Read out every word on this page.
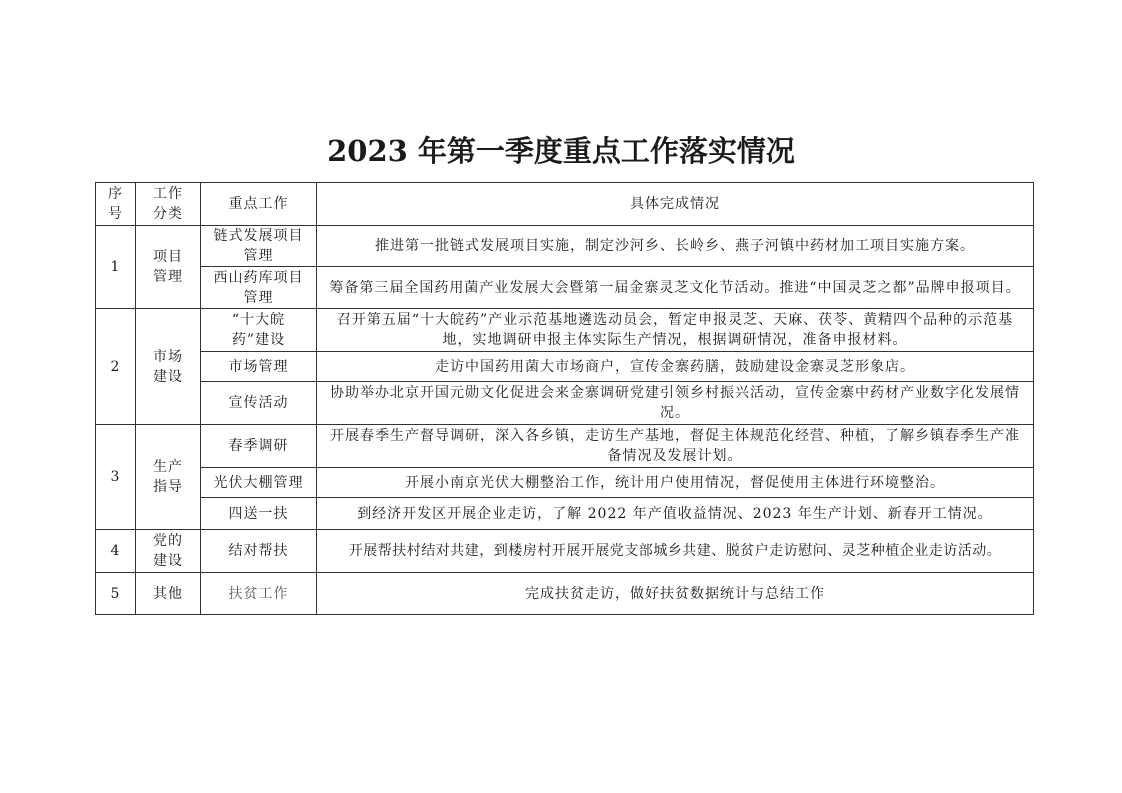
2023 年第一季度重点工作落实情况
序号	工作分类	重点工作	具体完成情况
1	项目管理	链式发展项目管理	推进第一批链式发展项目实施，制定沙河乡、长岭乡、燕子河镇中药材加工项目实施方案。
		西山药库项目管理	筹备第三届全国药用菌产业发展大会暨第一届金寨灵芝文化节活动。推进“中国灵芝之都”品牌申报项目。
2	市场建设	“十大皖药”建设	召开第五届“十大皖药”产业示范基地遴选动员会，暂定申报灵芝、天麻、茯苓、黄精四个品种的示范基地，实地调研申报主体实际生产情况，根据调研情况，准备申报材料。
		市场管理	走访中国药用菌大市场商户，宣传金寨药膳，鼓励建设金寨灵芝形象店。
		宣传活动	协助举办北京开国元勋文化促进会来金寨调研党建引领乡村振兴活动，宣传金寨中药材产业数字化发展情况。
3	生产指导	春季调研	开展春季生产督导调研，深入各乡镇，走访生产基地，督促主体规范化经营、种植，了解乡镇春季生产准备情况及发展计划。
		光伏大棚管理	开展小南京光伏大棚整治工作，统计用户使用情况，督促使用主体进行环境整治。
		四送一扶	到经济开发区开展企业走访，了解 2022 年产值收益情况、2023 年生产计划、新春开工情况。
4	党的建设	结对帮扶	开展帮扶村结对共建，到楼房村开展开展党支部城乡共建、脱贫户走访慰问、灵芝种植企业走访活动。
5	其他	扶贫工作	完成扶贫走访，做好扶贫数据统计与总结工作
